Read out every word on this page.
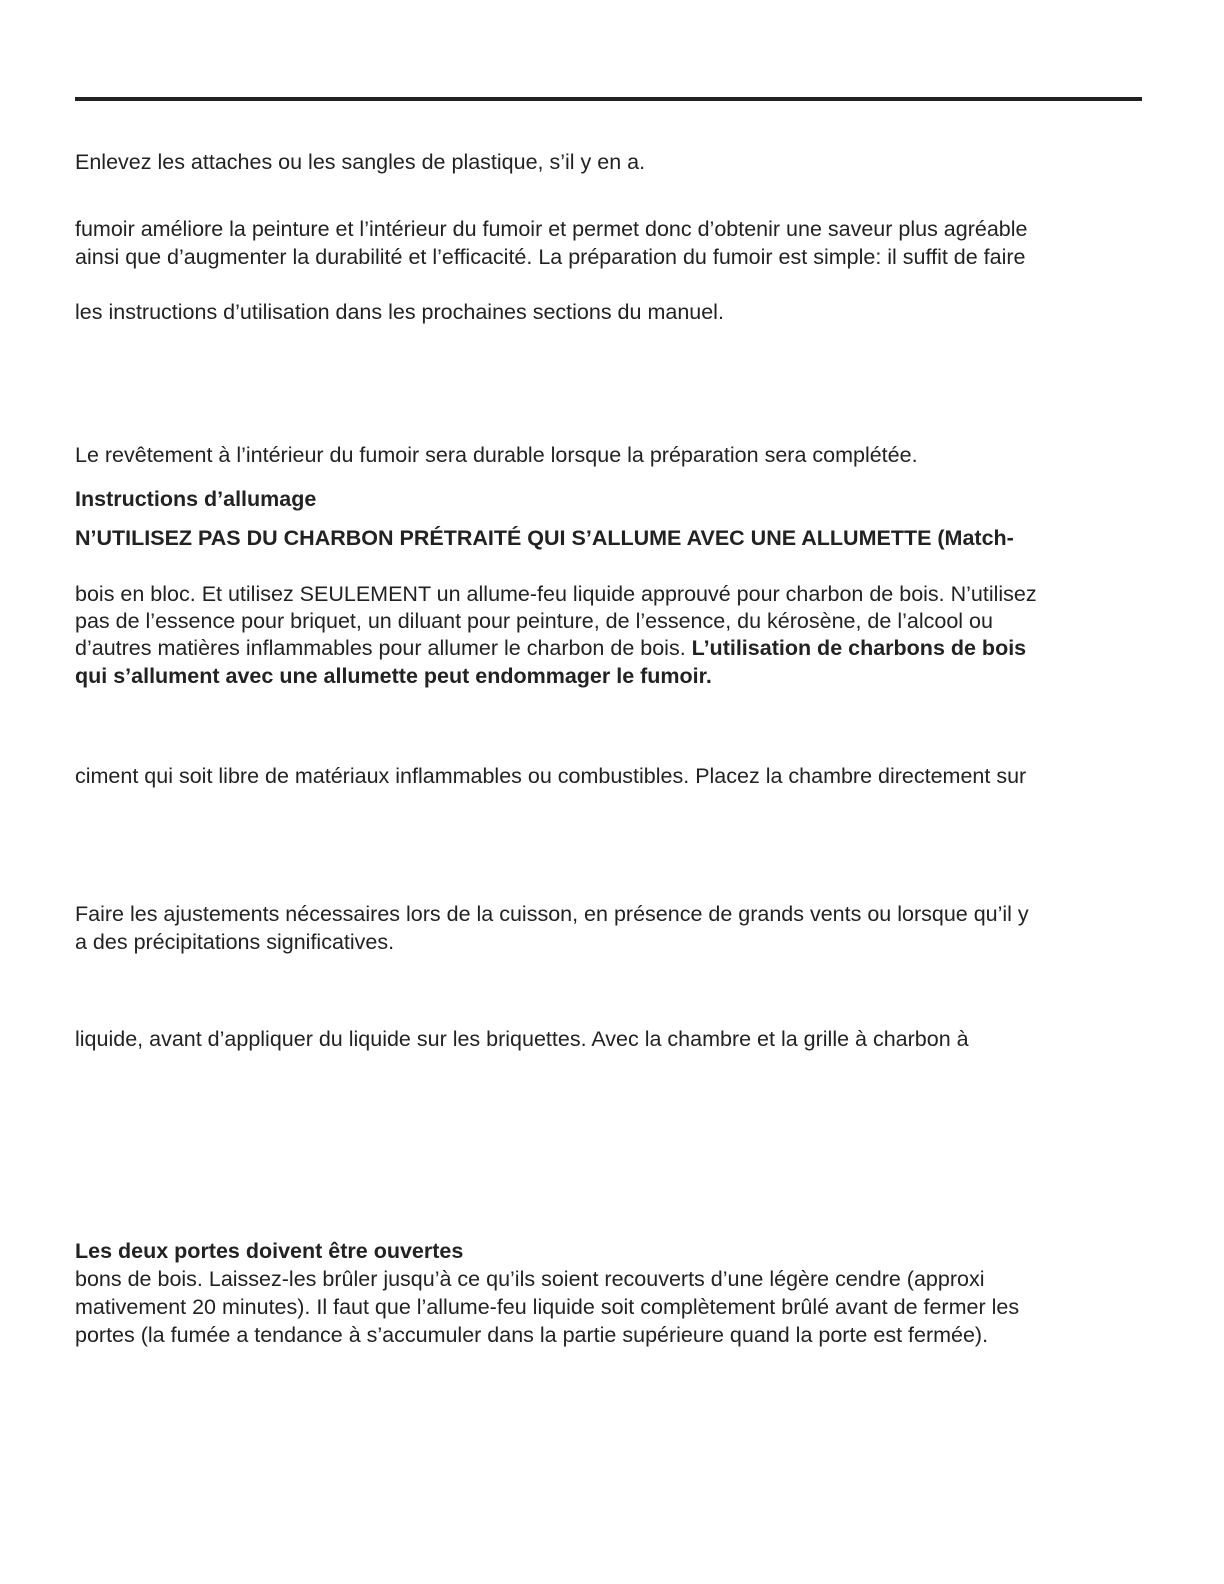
Enlevez les attaches ou les sangles de plastique, s’il y en a.

fumoir améliore la peinture et l’intérieur du fumoir et permet donc d’obtenir une saveur plus agréable

ainsi que d’augmenter la durabilité et l’efficacité. La préparation du fumoir est simple: il suffit de faire

les instructions d’utilisation dans les prochaines sections du manuel.

Le revêtement à l’intérieur du fumoir sera durable lorsque la préparation sera complétée.

Instructions d’allumage

N’UTILISEZ PAS DU CHARBON PRÉTRAITÉ QUI S’ALLUME AVEC UNE ALLUMETTE (Match-

bois en bloc. Et utilisez SEULEMENT un allume-feu liquide approuvé pour charbon de bois. N’utilisez

pas de l’essence pour briquet, un diluant pour peinture, de l’essence, du kérosène, de l’alcool ou

d’autres matières inflammables pour allumer le charbon de bois. L’utilisation de charbons de bois

qui s’allument avec une allumette peut endommager le fumoir.

ciment qui soit libre de matériaux inflammables ou combustibles. Placez la chambre directement sur

Faire les ajustements nécessaires lors de la cuisson, en présence de grands vents ou lorsque qu’il y

a des précipitations significatives.

liquide, avant d’appliquer du liquide sur les briquettes. Avec la chambre et la grille à charbon à

Les deux portes doivent être ouvertes

bons de bois. Laissez-les brûler jusqu’à ce qu’ils soient recouverts d’une légère cendre (approxi

mativement 20 minutes). Il faut que l’allume-feu liquide soit complètement brûlé avant de fermer les

portes (la fumée a tendance à s’accumuler dans la partie supérieure quand la porte est fermée).
